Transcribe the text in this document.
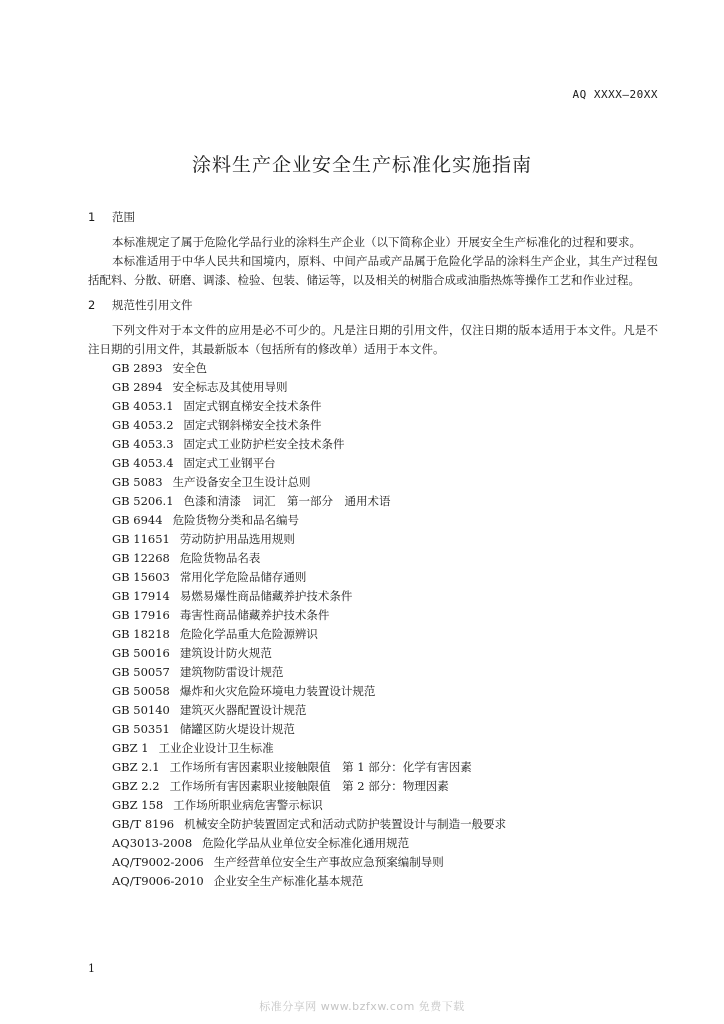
AQ XXXX—20XX
涂料生产企业安全生产标准化实施指南

1 范围

本标准规定了属于危险化学品行业的涂料生产企业（以下简称企业）开展安全生产标准化的过程和要求。

本标准适用于中华人民共和国境内，原料、中间产品或产品属于危险化学品的涂料生产企业，其生产过程包括配料、分散、研磨、调漆、检验、包装、储运等，以及相关的树脂合成或油脂热炼等操作工艺和作业过程。

2 规范性引用文件

下列文件对于本文件的应用是必不可少的。凡是注日期的引用文件，仅注日期的版本适用于本文件。凡是不注日期的引用文件，其最新版本（包括所有的修改单）适用于本文件。

GB 2893 安全色
GB 2894 安全标志及其使用导则
GB 4053.1 固定式钢直梯安全技术条件
GB 4053.2 固定式钢斜梯安全技术条件
GB 4053.3 固定式工业防护栏安全技术条件
GB 4053.4 固定式工业钢平台
GB 5083 生产设备安全卫生设计总则
GB 5206.1 色漆和清漆　词汇　第一部分　通用术语
GB 6944 危险货物分类和品名编号
GB 11651 劳动防护用品选用规则
GB 12268 危险货物品名表
GB 15603 常用化学危险品储存通则
GB 17914 易燃易爆性商品储藏养护技术条件
GB 17916 毒害性商品储藏养护技术条件
GB 18218 危险化学品重大危险源辨识
GB 50016 建筑设计防火规范
GB 50057 建筑物防雷设计规范
GB 50058 爆炸和火灾危险环境电力装置设计规范
GB 50140 建筑灭火器配置设计规范
GB 50351 储罐区防火堤设计规范
GBZ 1 工业企业设计卫生标准
GBZ 2.1 工作场所有害因素职业接触限值　第 1 部分：化学有害因素
GBZ 2.2 工作场所有害因素职业接触限值　第 2 部分：物理因素
GBZ 158 工作场所职业病危害警示标识
GB/T 8196 机械安全防护装置固定式和活动式防护装置设计与制造一般要求
AQ3013-2008 危险化学品从业单位安全标准化通用规范
AQ/T9002-2006 生产经营单位安全生产事故应急预案编制导则
AQ/T9006-2010 企业安全生产标准化基本规范
1
标准分享网 www.bzfxw.com 免费下载
